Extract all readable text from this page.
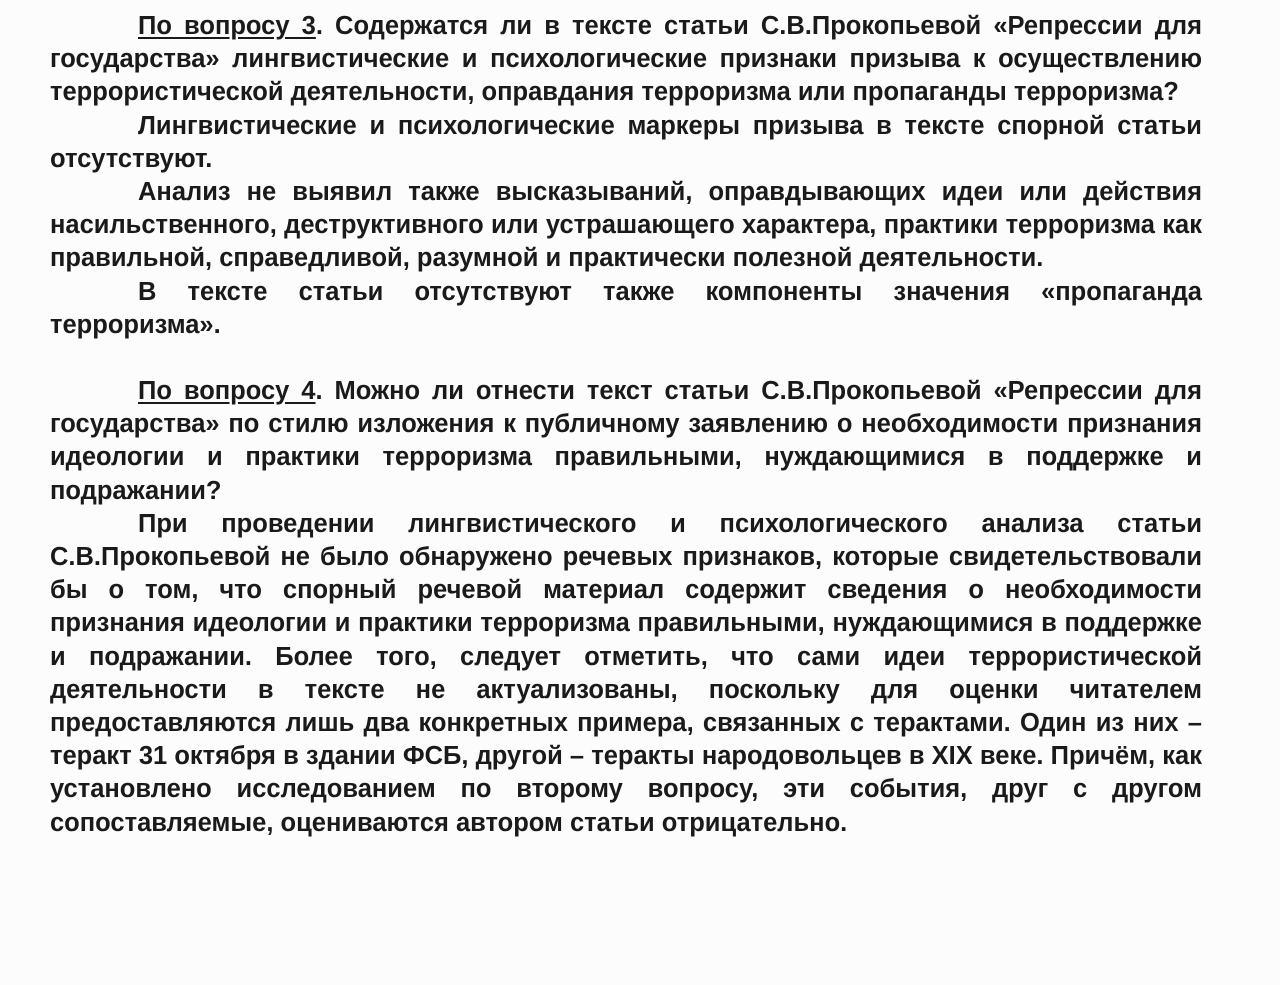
По вопросу 3. Содержатся ли в тексте статьи С.В.Прокопьевой «Репрессии для государства» лингвистические и психологические признаки призыва к осуществлению террористической деятельности, оправдания терроризма или пропаганды терроризма?

Лингвистические и психологические маркеры призыва в тексте спорной статьи отсутствуют.

Анализ не выявил также высказываний, оправдывающих идеи или действия насильственного, деструктивного или устрашающего характера, практики терроризма как правильной, справедливой, разумной и практически полезной деятельности.

В тексте статьи отсутствуют также компоненты значения «пропаганда терроризма».

По вопросу 4. Можно ли отнести текст статьи С.В.Прокопьевой «Репрессии для государства» по стилю изложения к публичному заявлению о необходимости признания идеологии и практики терроризма правильными, нуждающимися в поддержке и подражании?

При проведении лингвистического и психологического анализа статьи С.В.Прокопьевой не было обнаружено речевых признаков, которые свидетельствовали бы о том, что спорный речевой материал содержит сведения о необходимости признания идеологии и практики терроризма правильными, нуждающимися в поддержке и подражании. Более того, следует отметить, что сами идеи террористической деятельности в тексте не актуализованы, поскольку для оценки читателем предоставляются лишь два конкретных примера, связанных с терактами. Один из них – теракт 31 октября в здании ФСБ, другой – теракты народовольцев в XIX веке. Причём, как установлено исследованием по второму вопросу, эти события, друг с другом сопоставляемые, оцениваются автором статьи отрицательно.
